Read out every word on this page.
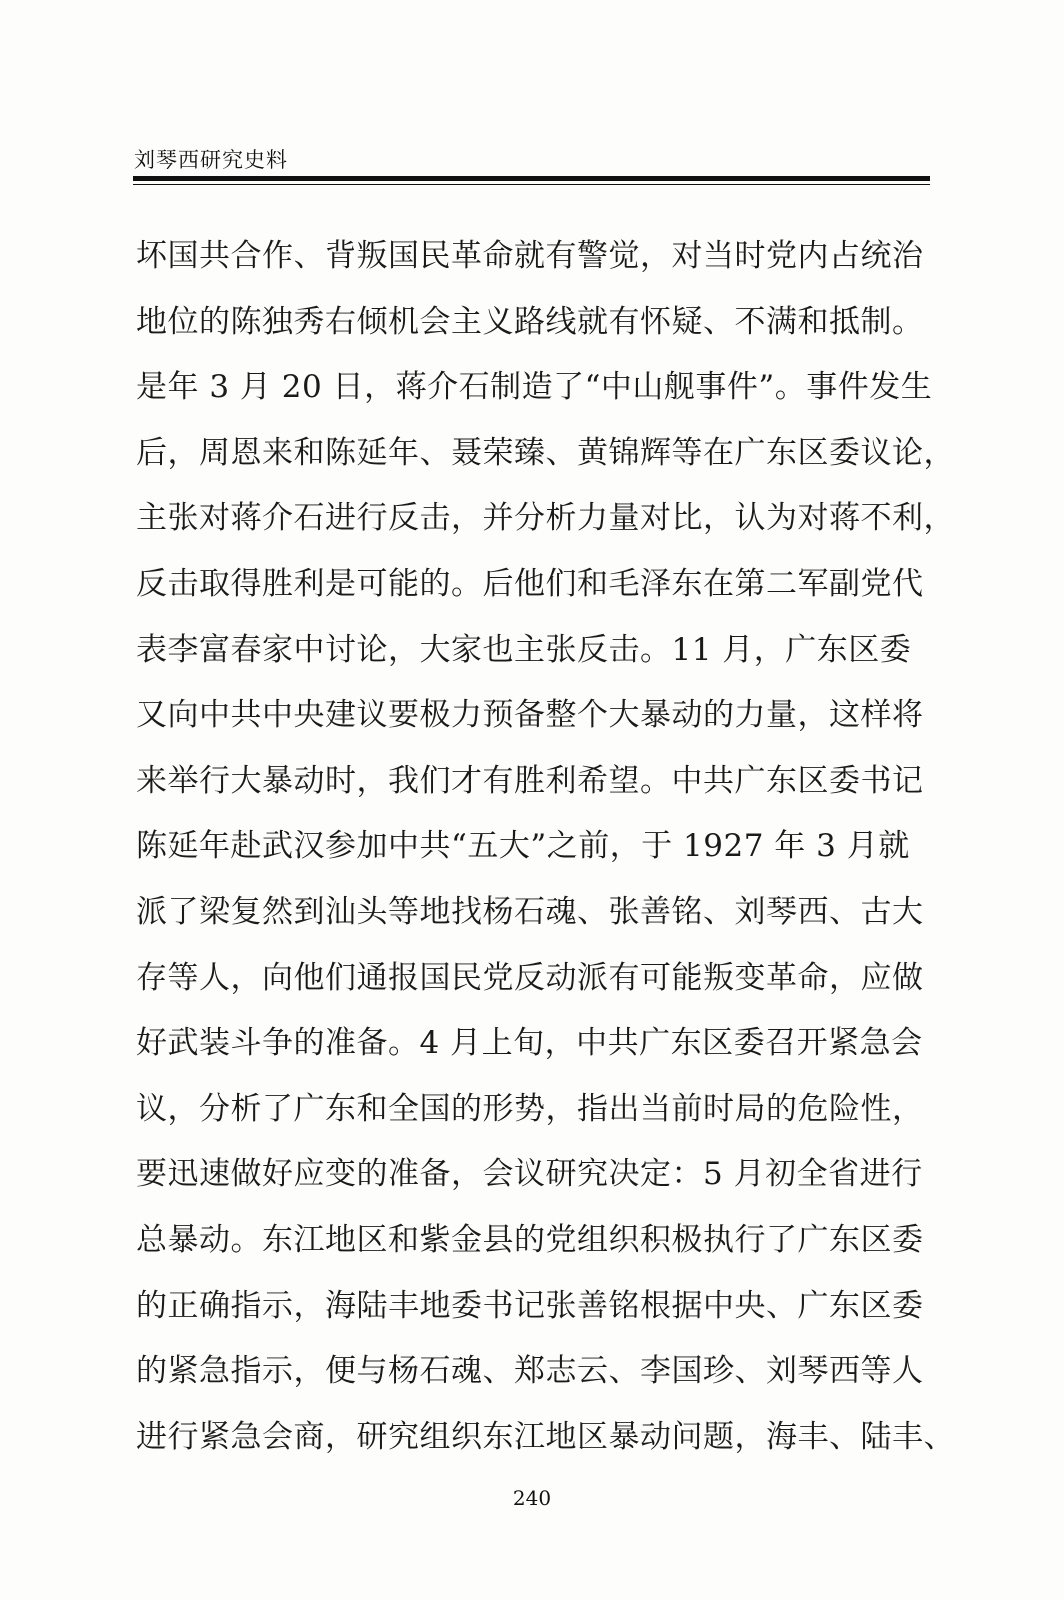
刘琴西研究史料
坏国共合作、背叛国民革命就有警觉，对当时党内占统治
地位的陈独秀右倾机会主义路线就有怀疑、不满和抵制。
是年 3 月 20 日，蒋介石制造了“中山舰事件”。事件发生
后，周恩来和陈延年、聂荣臻、黄锦辉等在广东区委议论，
主张对蒋介石进行反击，并分析力量对比，认为对蒋不利，
反击取得胜利是可能的。后他们和毛泽东在第二军副党代
表李富春家中讨论，大家也主张反击。11 月，广东区委
又向中共中央建议要极力预备整个大暴动的力量，这样将
来举行大暴动时，我们才有胜利希望。中共广东区委书记
陈延年赴武汉参加中共“五大”之前，于 1927 年 3 月就
派了梁复然到汕头等地找杨石魂、张善铭、刘琴西、古大
存等人，向他们通报国民党反动派有可能叛变革命，应做
好武装斗争的准备。4 月上旬，中共广东区委召开紧急会
议，分析了广东和全国的形势，指出当前时局的危险性，
要迅速做好应变的准备，会议研究决定：5 月初全省进行
总暴动。东江地区和紫金县的党组织积极执行了广东区委
的正确指示，海陆丰地委书记张善铭根据中央、广东区委
的紧急指示，便与杨石魂、郑志云、李国珍、刘琴西等人
进行紧急会商，研究组织东江地区暴动问题，海丰、陆丰、
240
